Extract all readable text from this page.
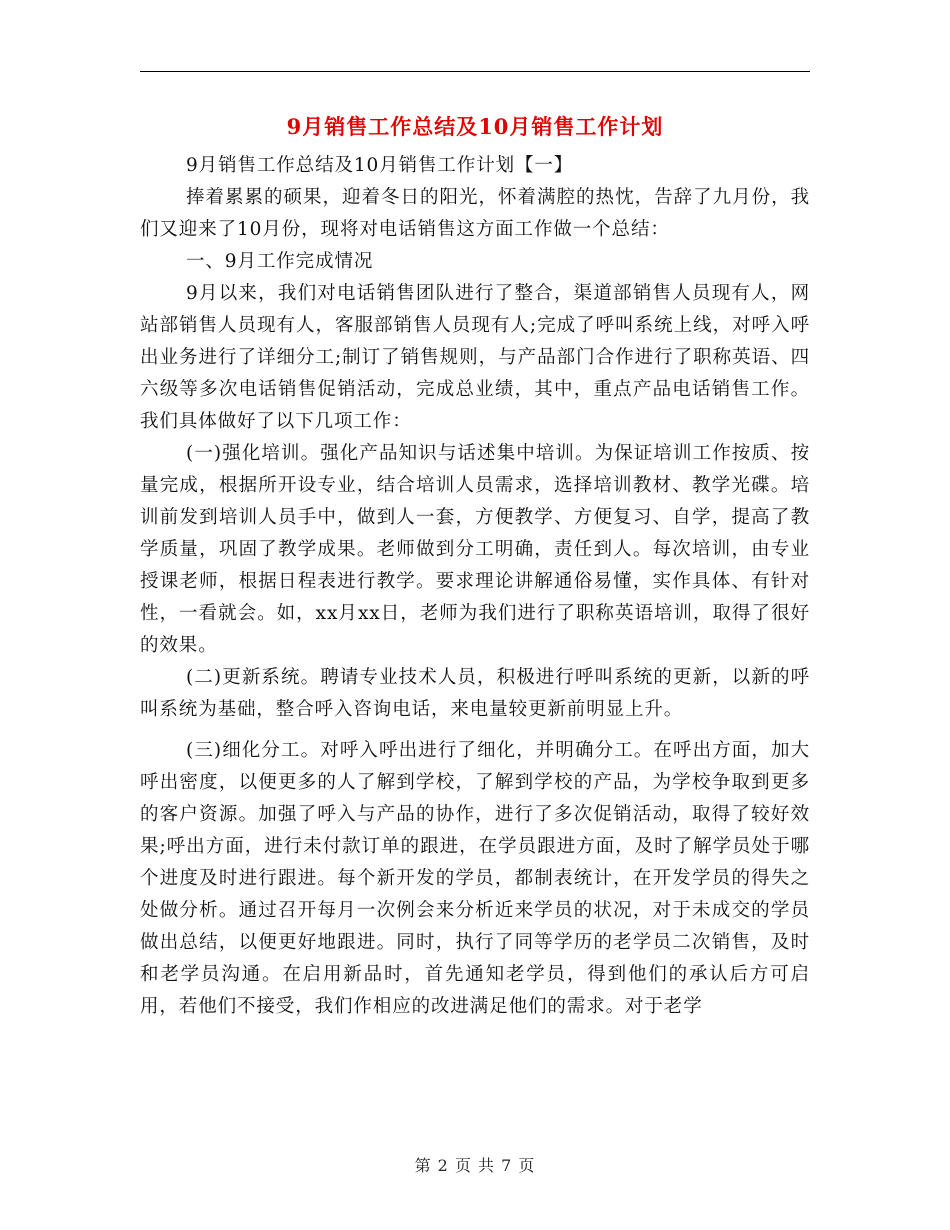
9月销售工作总结及10月销售工作计划

9月销售工作总结及10月销售工作计划【一】

捧着累累的硕果，迎着冬日的阳光，怀着满腔的热忱，告辞了九月份，我们又迎来了10月份，现将对电话销售这方面工作做一个总结：

一、9月工作完成情况

9月以来，我们对电话销售团队进行了整合，渠道部销售人员现有人，网站部销售人员现有人，客服部销售人员现有人;完成了呼叫系统上线，对呼入呼出业务进行了详细分工;制订了销售规则，与产品部门合作进行了职称英语、四六级等多次电话销售促销活动，完成总业绩，其中，重点产品电话销售工作。我们具体做好了以下几项工作：

(一)强化培训。强化产品知识与话述集中培训。为保证培训工作按质、按量完成，根据所开设专业，结合培训人员需求，选择培训教材、教学光碟。培训前发到培训人员手中，做到人一套，方便教学、方便复习、自学，提高了教学质量，巩固了教学成果。老师做到分工明确，责任到人。每次培训，由专业授课老师，根据日程表进行教学。要求理论讲解通俗易懂，实作具体、有针对性，一看就会。如，xx月xx日，老师为我们进行了职称英语培训，取得了很好的效果。

(二)更新系统。聘请专业技术人员，积极进行呼叫系统的更新，以新的呼叫系统为基础，整合呼入咨询电话，来电量较更新前明显上升。

(三)细化分工。对呼入呼出进行了细化，并明确分工。在呼出方面，加大呼出密度，以便更多的人了解到学校，了解到学校的产品，为学校争取到更多的客户资源。加强了呼入与产品的协作，进行了多次促销活动，取得了较好效果;呼出方面，进行未付款订单的跟进，在学员跟进方面，及时了解学员处于哪个进度及时进行跟进。每个新开发的学员，都制表统计，在开发学员的得失之处做分析。通过召开每月一次例会来分析近来学员的状况，对于未成交的学员做出总结，以便更好地跟进。同时，执行了同等学历的老学员二次销售，及时和老学员沟通。在启用新品时，首先通知老学员，得到他们的承认后方可启用，若他们不接受，我们作相应的改进满足他们的需求。对于老学

第 2 页 共 7 页
